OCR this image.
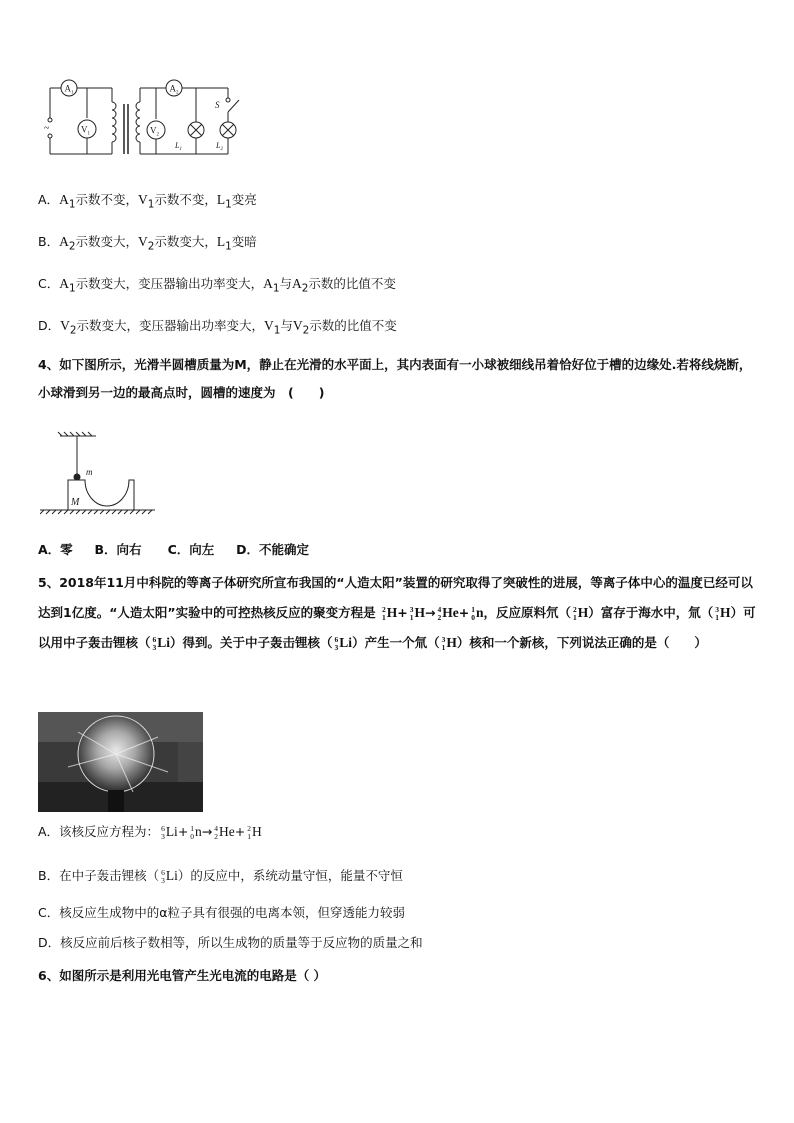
~
$A_1$
$V_1$
$A_2$
$V_2$
S
$L_1$	$L_2$
A．$A_1$示数不变，$V_1$示数不变，$L_1$变亮
B．$A_2$示数变大，$V_2$示数变大，$L_1$变暗
C．$A_1$示数变大，变压器输出功率变大，$A_1$与$A_2$示数的比值不变
D．$V_2$示数变大，变压器输出功率变大，$V_1$与$V_2$示数的比值不变
4、如下图所示，光滑半圆槽质量为M，静止在光滑的水平面上，其内表面有一小球被细线吊着恰好位于槽的边缘处.若将线烧断，小球滑到另一边的最高点时，圆槽的速度为　(　　)
m
M
A．零 B．向右 C．向左 D．不能确定
5、2018年11月中科院的等离子体研究所宣布我国的“人造太阳”装置的研究取得了突破性的进展，等离子体中心的温度已经可以达到1亿度。“人造太阳”实验中的可控热核反应的聚变方程是 2
1 H+ 3
1 H→ 4
2 He+ 1
0 n，反应原料氘（ 2
1 H）富存于海水中，氚（ 3
1 H）可以用中子轰击锂核（ 6
3 Li）得到。关于中子轰击锂核（ 6
3 Li）产生一个氚（ 3
1 H）核和一个新核，下列说法正确的是（　　）
A．该核反应方程为： 6
3 Li+ 1
0 n→ 4
2 He+ 2
1 H
B．在中子轰击锂核（ 6
3 Li）的反应中，系统动量守恒，能量不守恒
C．核反应生成物中的α粒子具有很强的电离本领，但穿透能力较弱
D．核反应前后核子数相等，所以生成物的质量等于反应物的质量之和
6、如图所示是利用光电管产生光电流的电路是（ ）
